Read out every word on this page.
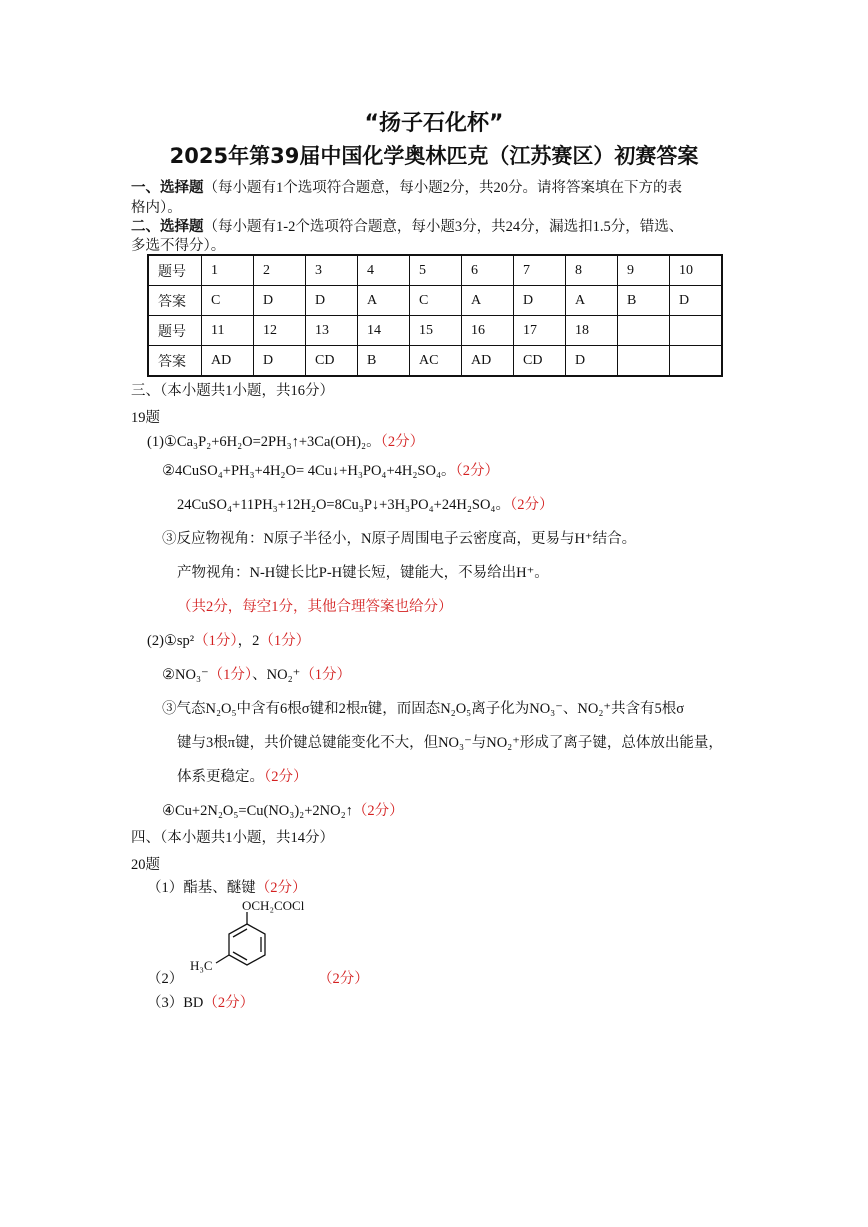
“扬子石化杯”
2025年第39届中国化学奥林匹克（江苏赛区）初赛答案
一、选择题（每小题有1个选项符合题意，每小题2分，共20分。请将答案填在下方的表
格内）。
二、选择题（每小题有1-2个选项符合题意，每小题3分，共24分，漏选扣1.5分，错选、
多选不得分）。
题号	1	2	3	4	5	6	7	8	9	10
答案	C	D	D	A	C	A	D	A	B	D
题号	11	12	13	14	15	16	17	18		
答案	AD	D	CD	B	AC	AD	CD	D		
三、（本小题共1小题，共16分）
19题
(1)①Ca₃P₂+6H₂O=2PH₃↑+3Ca(OH)₂。（2分）
②4CuSO₄+PH₃+4H₂O= 4Cu↓+H₃PO₄+4H₂SO₄。（2分）
24CuSO₄+11PH₃+12H₂O=8Cu₃P↓+3H₃PO₄+24H₂SO₄。（2分）
③反应物视角：N原子半径小，N原子周围电子云密度高，更易与H⁺结合。
产物视角：N-H键长比P-H键长短，键能大，不易给出H⁺。
（共2分，每空1分，其他合理答案也给分）
(2)①sp²（1分），2（1分）
②NO₃⁻（1分）、NO₂⁺（1分）
③气态N₂O₅中含有6根σ键和2根π键，而固态N₂O₅离子化为NO₃⁻、NO₂⁺共含有5根σ
键与3根π键，共价键总键能变化不大，但NO₃⁻与NO₂⁺形成了离子键，总体放出能量，
体系更稳定。（2分）
④Cu+2N₂O₅=Cu(NO₃)₂+2NO₂↑（2分）
四、（本小题共1小题，共14分）
20题
（1）酯基、醚键（2分）
OCH₂COCl
H₃C
（2）	（2分）
（3）BD（2分）
